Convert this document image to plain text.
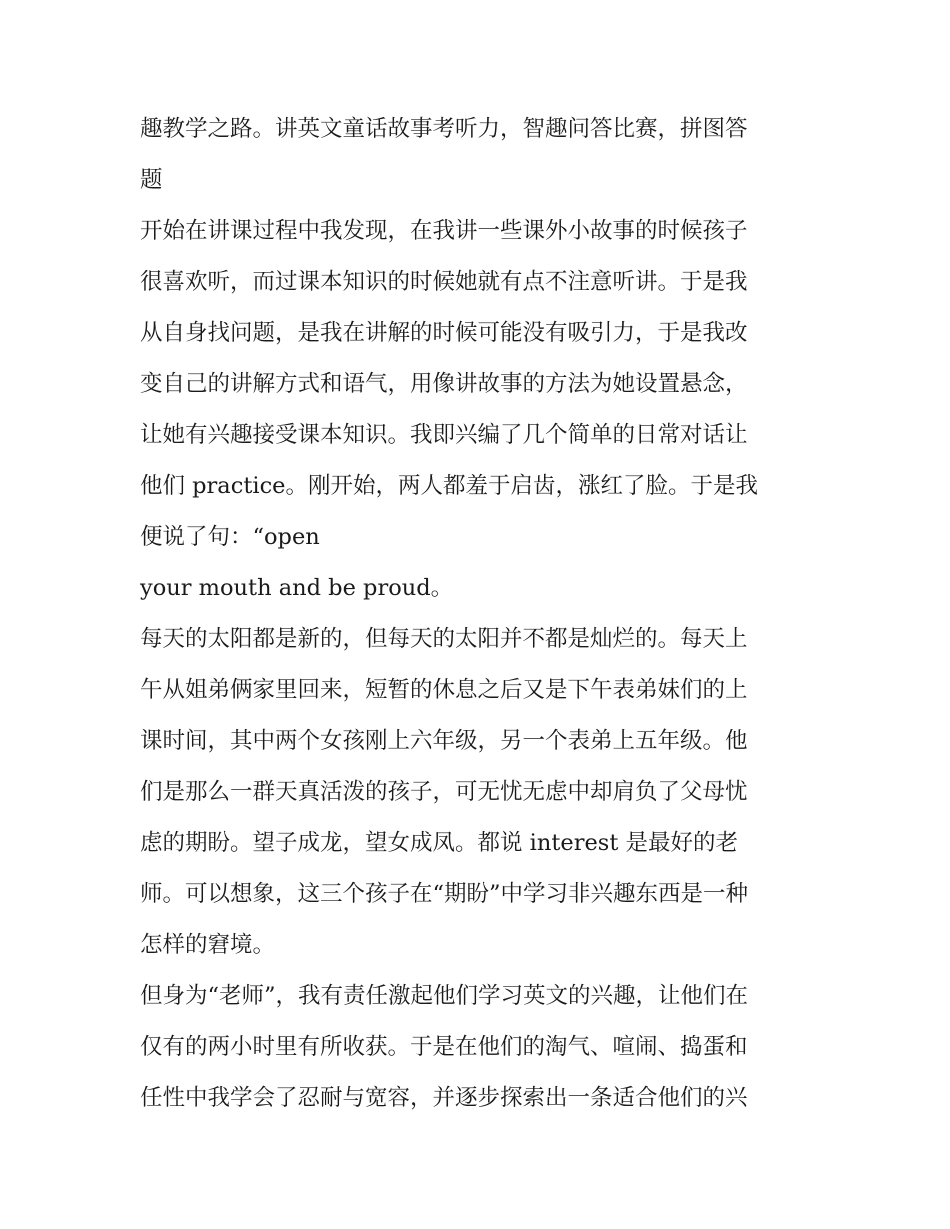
趣教学之路。讲英文童话故事考听力，智趣问答比赛，拼图答
题
开始在讲课过程中我发现，在我讲一些课外小故事的时候孩子
很喜欢听，而过课本知识的时候她就有点不注意听讲。于是我
从自身找问题，是我在讲解的时候可能没有吸引力，于是我改
变自己的讲解方式和语气，用像讲故事的方法为她设置悬念，
让她有兴趣接受课本知识。我即兴编了几个简单的日常对话让
他们 practice。刚开始，两人都羞于启齿，涨红了脸。于是我
便说了句：“open
your mouth and be proud。
每天的太阳都是新的，但每天的太阳并不都是灿烂的。每天上
午从姐弟俩家里回来，短暂的休息之后又是下午表弟妹们的上
课时间，其中两个女孩刚上六年级，另一个表弟上五年级。他
们是那么一群天真活泼的孩子，可无忧无虑中却肩负了父母忧
虑的期盼。望子成龙，望女成凤。都说 interest 是最好的老
师。可以想象，这三个孩子在“期盼”中学习非兴趣东西是一种
怎样的窘境。
但身为“老师”，我有责任激起他们学习英文的兴趣，让他们在
仅有的两小时里有所收获。于是在他们的淘气、喧闹、捣蛋和
任性中我学会了忍耐与宽容，并逐步探索出一条适合他们的兴
